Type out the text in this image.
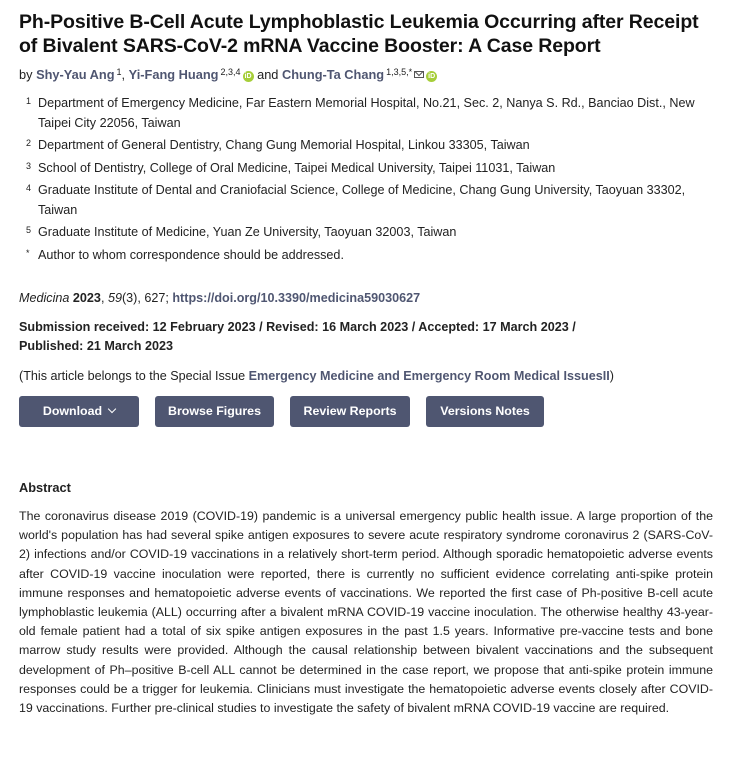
Ph-Positive B-Cell Acute Lymphoblastic Leukemia Occurring after Receipt of Bivalent SARS-CoV-2 mRNA Vaccine Booster: A Case Report
by Shy-Yau Ang $^1$, Yi-Fang Huang $^{2,3,4}$ iD and Chung-Ta Chang $^{1,3,5,*}$ iD
1 Department of Emergency Medicine, Far Eastern Memorial Hospital, No.21, Sec. 2, Nanya S. Rd., Banciao Dist., New Taipei City 22056, Taiwan
2 Department of General Dentistry, Chang Gung Memorial Hospital, Linkou 33305, Taiwan
3 School of Dentistry, College of Oral Medicine, Taipei Medical University, Taipei 11031, Taiwan
4 Graduate Institute of Dental and Craniofacial Science, College of Medicine, Chang Gung University, Taoyuan 33302, Taiwan
5 Graduate Institute of Medicine, Yuan Ze University, Taoyuan 32003, Taiwan
* Author to whom correspondence should be addressed.
Medicina 2023, 59(3), 627; https://doi.org/10.3390/medicina59030627
Submission received: 12 February 2023 / Revised: 16 March 2023 / Accepted: 17 March 2023 /
Published: 21 March 2023
(This article belongs to the Special Issue Emergency Medicine and Emergency Room Medical IssuesII)
Download	Browse Figures	Review Reports	Versions Notes
Abstract
The coronavirus disease 2019 (COVID-19) pandemic is a universal emergency public health issue. A large proportion of the world's population has had several spike antigen exposures to severe acute respiratory syndrome coronavirus 2 (SARS-CoV-2) infections and/or COVID-19 vaccinations in a relatively short-term period. Although sporadic hematopoietic adverse events after COVID-19 vaccine inoculation were reported, there is currently no sufficient evidence correlating anti-spike protein immune responses and hematopoietic adverse events of vaccinations. We reported the first case of Ph-positive B-cell acute lymphoblastic leukemia (ALL) occurring after a bivalent mRNA COVID-19 vaccine inoculation. The otherwise healthy 43-year-old female patient had a total of six spike antigen exposures in the past 1.5 years. Informative pre-vaccine tests and bone marrow study results were provided. Although the causal relationship between bivalent vaccinations and the subsequent development of Ph–positive B-cell ALL cannot be determined in the case report, we propose that anti-spike protein immune responses could be a trigger for leukemia. Clinicians must investigate the hematopoietic adverse events closely after COVID-19 vaccinations. Further pre-clinical studies to investigate the safety of bivalent mRNA COVID-19 vaccine are required.
